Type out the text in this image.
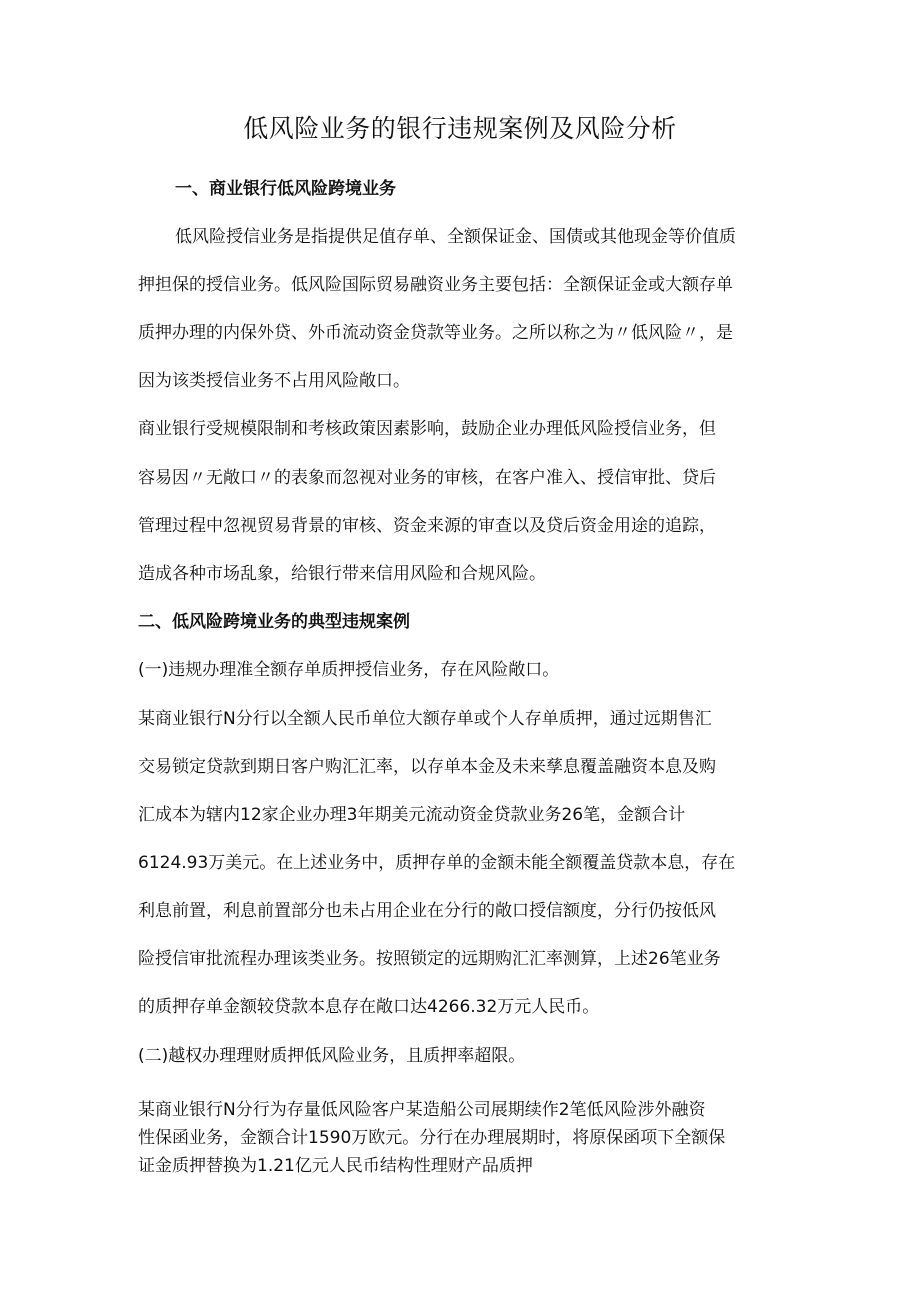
低风险业务的银行违规案例及风险分析
一、商业银行低风险跨境业务

低风险授信业务是指提供足值存单、全额保证金、国债或其他现金等价值质

押担保的授信业务。低风险国际贸易融资业务主要包括：全额保证金或大额存单

质押办理的内保外贷、外币流动资金贷款等业务。之所以称之为〃低风险〃，是

因为该类授信业务不占用风险敞口。

商业银行受规模限制和考核政策因素影响，鼓励企业办理低风险授信业务，但

容易因〃无敞口〃的表象而忽视对业务的审核，在客户准入、授信审批、贷后

管理过程中忽视贸易背景的审核、资金来源的审查以及贷后资金用途的追踪，

造成各种市场乱象，给银行带来信用风险和合规风险。

二、低风险跨境业务的典型违规案例

(一)违规办理准全额存单质押授信业务，存在风险敞口。

某商业银行N分行以全额人民币单位大额存单或个人存单质押，通过远期售汇

交易锁定贷款到期日客户购汇汇率，以存单本金及未来孳息覆盖融资本息及购

汇成本为辖内12家企业办理3年期美元流动资金贷款业务26笔，金额合计

6124.93万美元。在上述业务中，质押存单的金额未能全额覆盖贷款本息，存在

利息前置，利息前置部分也未占用企业在分行的敞口授信额度，分行仍按低风

险授信审批流程办理该类业务。按照锁定的远期购汇汇率测算，上述26笔业务

的质押存单金额较贷款本息存在敞口达4266.32万元人民币。

(二)越权办理理财质押低风险业务，且质押率超限。

某商业银行N分行为存量低风险客户某造船公司展期续作2笔低风险涉外融资

性保函业务，金额合计1590万欧元。分行在办理展期时，将原保函项下全额保

证金质押替换为1.21亿元人民币结构性理财产品质押
